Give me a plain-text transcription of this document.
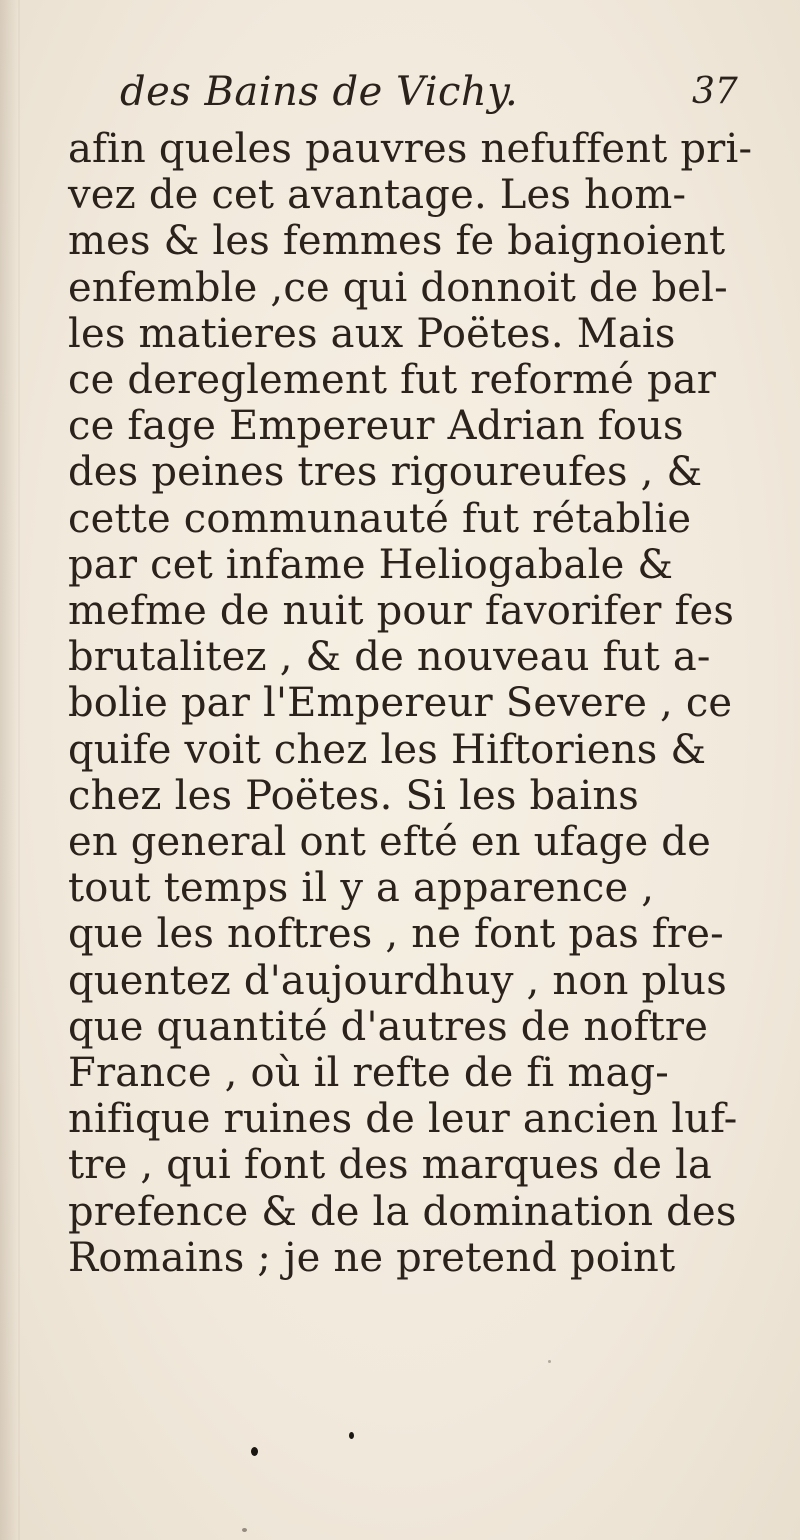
des Bains de Vichy.	37
afin queles pauvres nefuffent pri-
vez de cet avantage. Les hom-
mes & les femmes fe baignoient
enfemble ,ce qui donnoit de bel-
les matieres aux Poëtes. Mais
ce dereglement fut reformé par
ce fage Empereur Adrian fous
des peines tres rigoureufes , &
cette communauté fut rétablie
par cet infame Heliogabale &
mefme de nuit pour favorifer fes
brutalitez , & de nouveau fut a-
bolie par l'Empereur Severe , ce
quife voit chez les Hiftoriens &
chez les Poëtes. Si les bains
en general ont efté en ufage de
tout temps il y a apparence ,
que les noftres , ne font pas fre-
quentez d'aujourdhuy , non plus
que quantité d'autres de noftre
France , où il refte de fi mag-
nifique ruines de leur ancien luf-
tre , qui font des marques de la
prefence & de la domination des
Romains ; je ne pretend point
